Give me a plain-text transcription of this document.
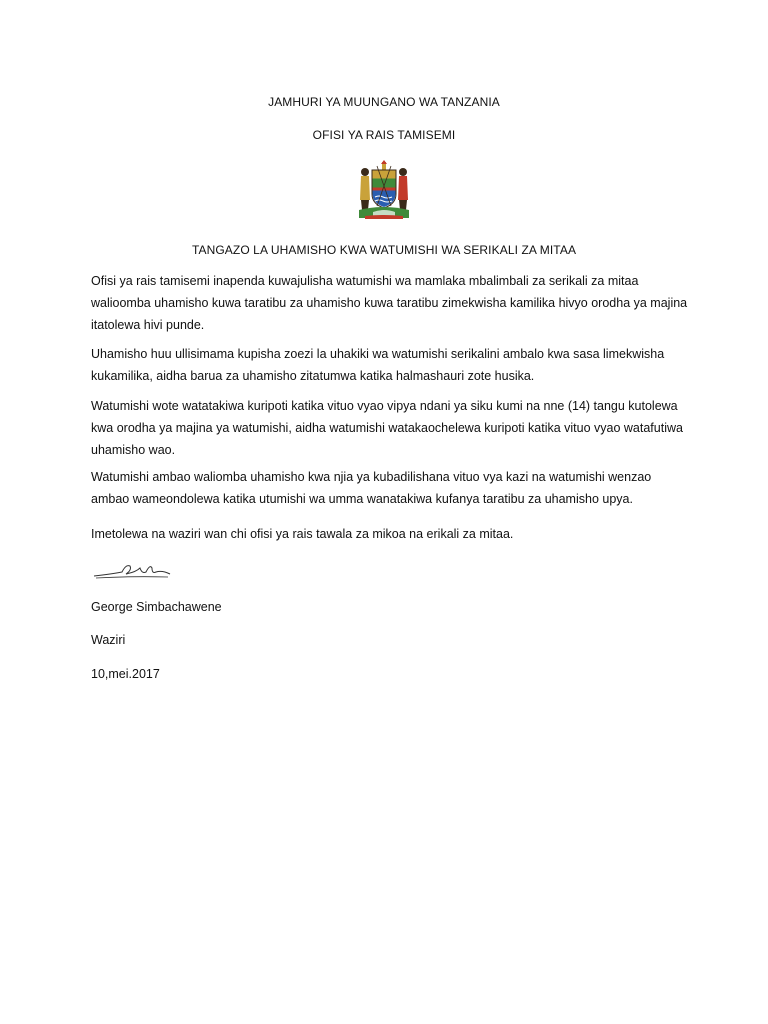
JAMHURI YA MUUNGANO WA TANZANIA
OFISI YA RAIS TAMISEMI
TANGAZO LA UHAMISHO KWA WATUMISHI WA SERIKALI ZA MITAA
Ofisi ya rais tamisemi inapenda kuwajulisha watumishi wa mamlaka mbalimbali za serikali za mitaa walioomba uhamisho kuwa taratibu za uhamisho kuwa taratibu zimekwisha kamilika hivyo orodha ya majina itatolewa hivi punde.
Uhamisho huu ullisimama kupisha zoezi la uhakiki wa watumishi serikalini ambalo kwa sasa limekwisha kukamilika, aidha barua za uhamisho zitatumwa katika halmashauri zote husika.
Watumishi wote watatakiwa kuripoti katika vituo vyao vipya ndani ya siku kumi na nne (14) tangu kutolewa kwa orodha ya majina ya watumishi, aidha watumishi watakaochelewa kuripoti katika vituo vyao watafutiwa uhamisho wao.
Watumishi ambao waliomba uhamisho kwa njia ya kubadilishana vituo vya kazi na watumishi wenzao ambao wameondolewa katika utumishi wa umma wanatakiwa kufanya taratibu za uhamisho upya.
Imetolewa na waziri wan chi ofisi ya rais tawala za mikoa na erikali za mitaa.
George Simbachawene
Waziri
10,mei.2017
